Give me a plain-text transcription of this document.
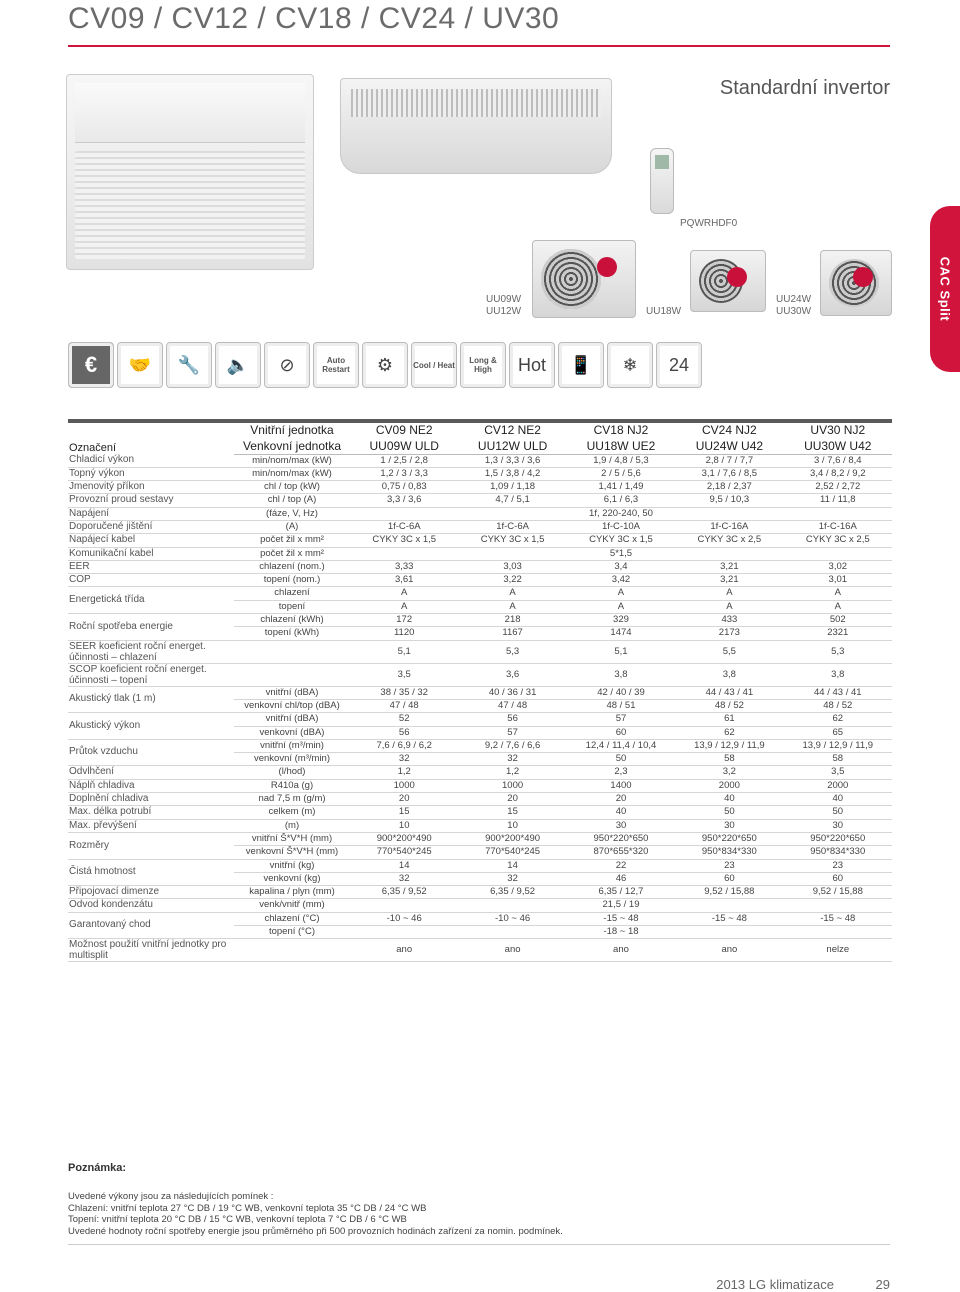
CV09 / CV12 / CV18 / CV24 / UV30
Standardní invertor
CAC Split
PQWRHDF0
UU09W
UU12W	UU18W
UU24W
UU30W
€ 🤝 🔧 🔈 ⊘	Auto Restart	⚙	Cool / Heat	Long & High	Hot 📱 ❄ 24
Označení	Vnitřní jednotka	CV09 NE2	CV12 NE2	CV18 NJ2	CV24 NJ2	UV30 NJ2
	Venkovní jednotka	UU09W ULD	UU12W ULD	UU18W UE2	UU24W U42	UU30W U42
Chladicí výkon	min/nom/max (kW)	1 / 2,5 / 2,8	1,3 / 3,3 / 3,6	1,9 / 4,8 / 5,3	2,8 / 7 / 7,7	3 / 7,6 / 8,4
Topný výkon	min/nom/max (kW)	1,2 / 3 / 3,3	1,5 / 3,8 / 4,2	2 / 5 / 5,6	3,1 / 7,6 / 8,5	3,4 / 8,2 / 9,2
Jmenovitý příkon	chl / top (kW)	0,75 / 0,83	1,09 / 1,18	1,41 / 1,49	2,18 / 2,37	2,52 / 2,72
Provozní proud sestavy	chl / top (A)	3,3 / 3,6	4,7 / 5,1	6,1 / 6,3	9,5 / 10,3	11 / 11,8
Napájení	(fáze, V, Hz)	1f, 220-240, 50				
Doporučené jištění	(A)	1f-C-6A	1f-C-6A	1f-C-10A	1f-C-16A	1f-C-16A
Napájecí kabel	počet žil x mm²	CYKY 3C x 1,5	CYKY 3C x 1,5	CYKY 3C x 1,5	CYKY 3C x 2,5	CYKY 3C x 2,5
Komunikační kabel	počet žil x mm²	5*1,5				
EER	chlazení (nom.)	3,33	3,03	3,4	3,21	3,02
COP	topení (nom.)	3,61	3,22	3,42	3,21	3,01
Energetická třída	chlazení	A	A	A	A	A
	topení	A	A	A	A	A
Roční spotřeba energie	chlazení (kWh)	172	218	329	433	502
	topení (kWh)	1120	1167	1474	2173	2321
SEER koeficient roční energet. účinnosti – chlazení		5,1	5,3	5,1	5,5	5,3
SCOP koeficient roční energet. účinnosti – topení		3,5	3,6	3,8	3,8	3,8
Akustický tlak (1 m)	vnitřní (dBA)	38 / 35 / 32	40 / 36 / 31	42 / 40 / 39	44 / 43 / 41	44 / 43 / 41
	venkovní chl/top (dBA)	47 / 48	47 / 48	48 / 51	48 / 52	48 / 52
Akustický výkon	vnitřní (dBA)	52	56	57	61	62
	venkovní (dBA)	56	57	60	62	65
Průtok vzduchu	vnitřní (m³/min)	7,6 / 6,9 / 6,2	9,2 / 7,6 / 6,6	12,4 / 11,4 / 10,4	13,9 / 12,9 / 11,9	13,9 / 12,9 / 11,9
	venkovní (m³/min)	32	32	50	58	58
Odvlhčení	(l/hod)	1,2	1,2	2,3	3,2	3,5
Náplň chladiva	R410a (g)	1000	1000	1400	2000	2000
Doplnění chladiva	nad 7,5 m (g/m)	20	20	20	40	40
Max. délka potrubí	celkem (m)	15	15	40	50	50
Max. převýšení	(m)	10	10	30	30	30
Rozměry	vnitřní Š*V*H (mm)	900*200*490	900*200*490	950*220*650	950*220*650	950*220*650
	venkovní Š*V*H (mm)	770*540*245	770*540*245	870*655*320	950*834*330	950*834*330
Čistá hmotnost	vnitřní (kg)	14	14	22	23	23
	venkovní (kg)	32	32	46	60	60
Připojovací dimenze	kapalina / plyn (mm)	6,35 / 9,52	6,35 / 9,52	6,35 / 12,7	9,52 / 15,88	9,52 / 15,88
Odvod kondenzátu	venk/vnitř (mm)	21,5 / 19				
Garantovaný chod	chlazení (°C)	-10 ~ 46	-10 ~ 46	-15 ~ 48	-15 ~ 48	-15 ~ 48
	topení (°C)	-18 ~ 18				
Možnost použití vnitřní jednotky pro multisplit		ano	ano	ano	ano	nelze
Poznámka:
Uvedené výkony jsou za následujících pomínek :
Chlazení: vnitřní teplota 27 °C DB / 19 °C WB, venkovní teplota 35 °C DB / 24 °C WB
Topení: vnitřní teplota 20 °C DB / 15 °C WB, venkovní teplota 7 °C DB / 6 °C WB
Uvedené hodnoty roční spotřeby energie jsou průměrného při 500 provozních hodinách zařízení za nomin. podmínek.
2013 LG klimatizace	29
